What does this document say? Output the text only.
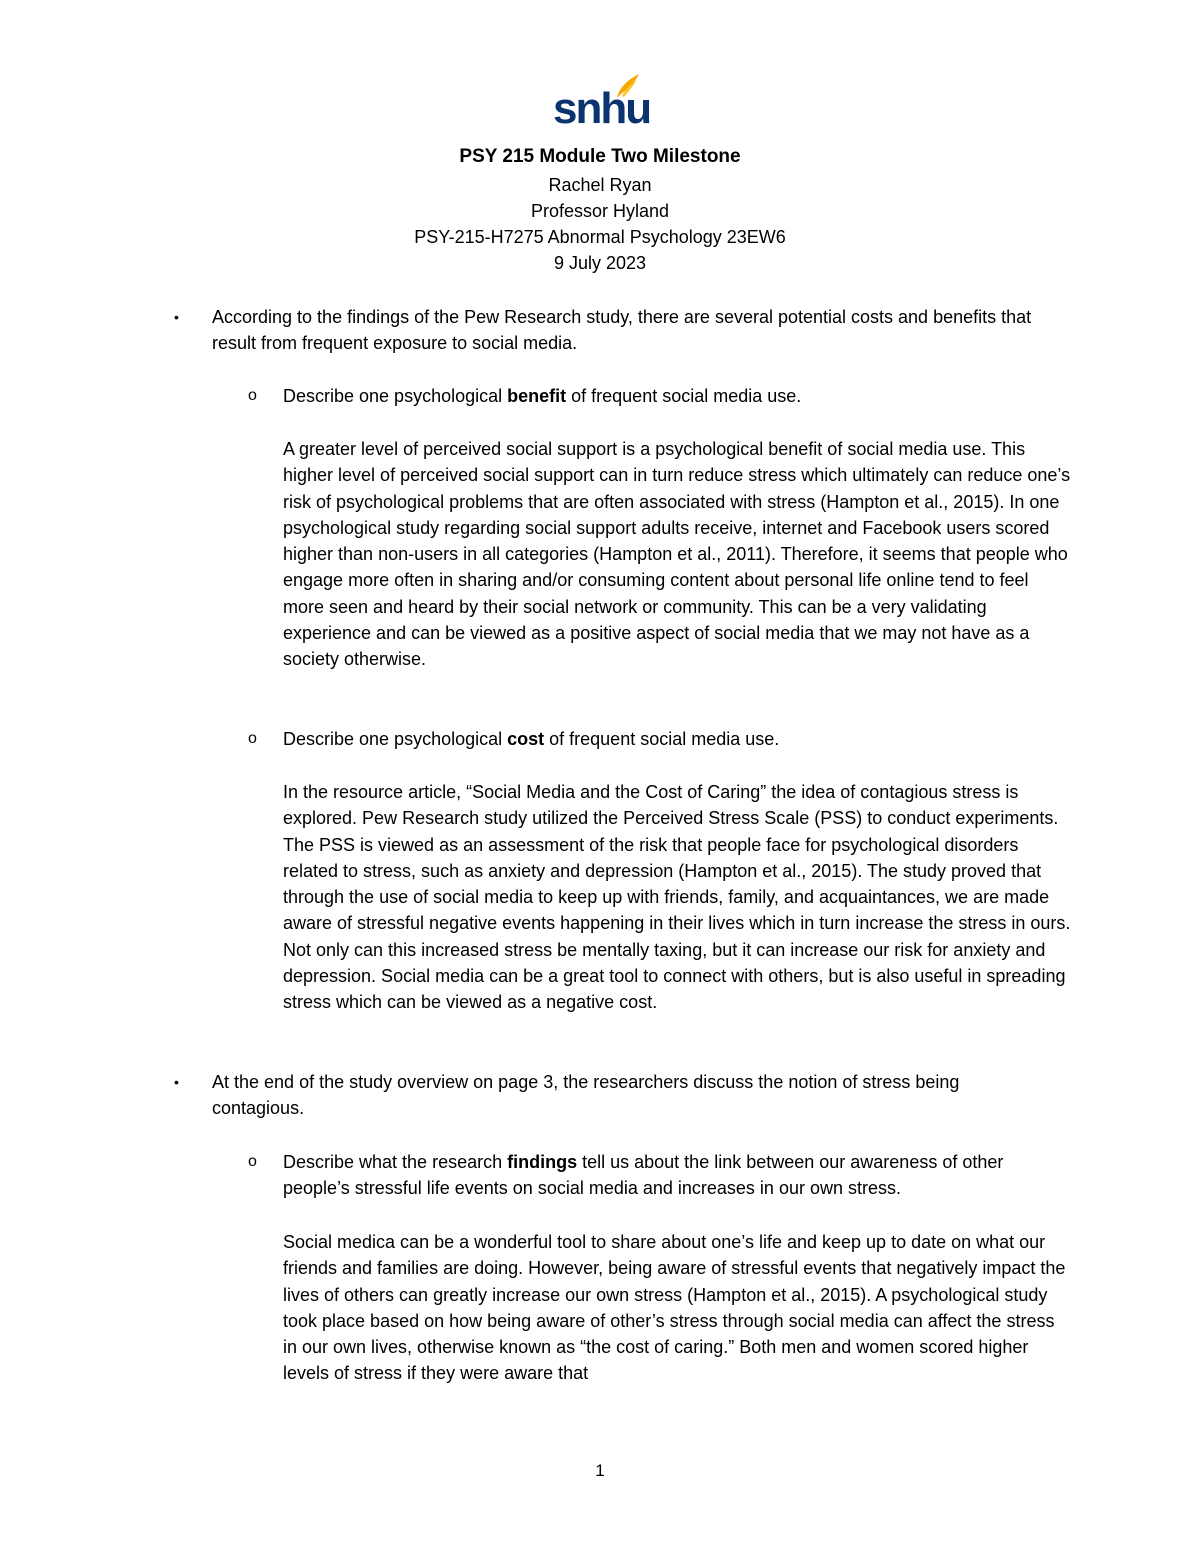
snhu
PSY 215 Module Two Milestone
Rachel Ryan
Professor Hyland
PSY-215-H7275 Abnormal Psychology 23EW6
9 July 2023
• According to the findings of the Pew Research study, there are several potential costs and benefits that result from frequent exposure to social media.

o Describe one psychological benefit of frequent social media use.

A greater level of perceived social support is a psychological benefit of social media use. This higher level of perceived social support can in turn reduce stress which ultimately can reduce one’s risk of psychological problems that are often associated with stress (Hampton et al., 2015). In one psychological study regarding social support adults receive, internet and Facebook users scored higher than non-users in all categories (Hampton et al., 2011). Therefore, it seems that people who engage more often in sharing and/or consuming content about personal life online tend to feel more seen and heard by their social network or community. This can be a very validating experience and can be viewed as a positive aspect of social media that we may not have as a society otherwise.

o Describe one psychological cost of frequent social media use.

In the resource article, “Social Media and the Cost of Caring” the idea of contagious stress is explored. Pew Research study utilized the Perceived Stress Scale (PSS) to conduct experiments. The PSS is viewed as an assessment of the risk that people face for psychological disorders related to stress, such as anxiety and depression (Hampton et al., 2015). The study proved that through the use of social media to keep up with friends, family, and acquaintances, we are made aware of stressful negative events happening in their lives which in turn increase the stress in ours. Not only can this increased stress be mentally taxing, but it can increase our risk for anxiety and depression. Social media can be a great tool to connect with others, but is also useful in spreading stress which can be viewed as a negative cost.

• At the end of the study overview on page 3, the researchers discuss the notion of stress being contagious.

o Describe what the research findings tell us about the link between our awareness of other people’s stressful life events on social media and increases in our own stress.

Social medica can be a wonderful tool to share about one’s life and keep up to date on what our friends and families are doing. However, being aware of stressful events that negatively impact the lives of others can greatly increase our own stress (Hampton et al., 2015). A psychological study took place based on how being aware of other’s stress through social media can affect the stress in our own lives, otherwise known as “the cost of caring.” Both men and women scored higher levels of stress if they were aware that

1
